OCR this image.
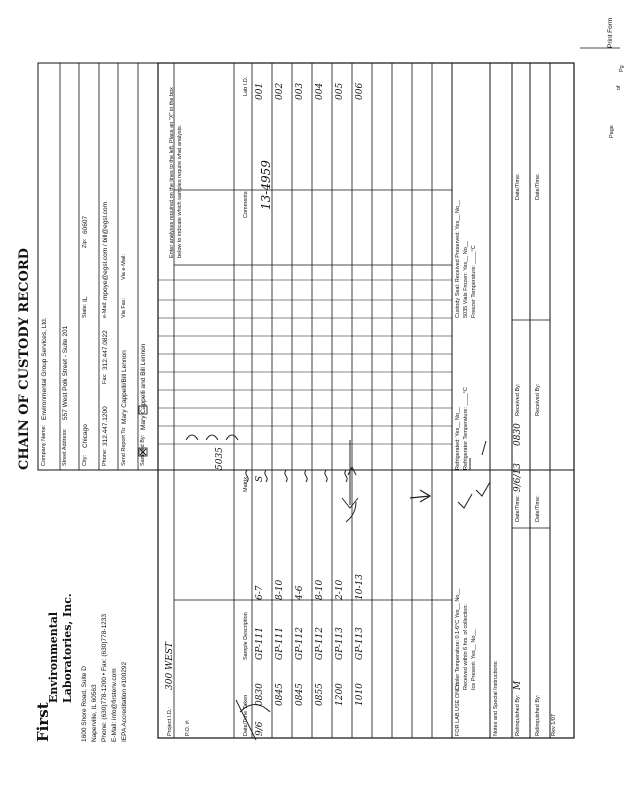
Page
of
Pg
Print Form
First
Environmental Laboratories, Inc.
1600 Shore Road, Suite D Naperville, IL 60563 Phone: (630)778-1200 • Fax: (630)778-1233 E-Mail: info@firstenv.com IEPA Accreditation #100292
CHAIN OF CUSTODY RECORD Company Name:
Environmental Group Services, Ltd.
Street Address:
557 West Polk Street - Suite 201
City:
Chicago
State:
IL
Zip:
60607
Phone:
312.447.1200
Fax:
312.447.0822
e-Mail:
mpoye@egsl.com / bill@egsl.com
Send Report To:
Mary Cappelli/Bill Lennon
Via Fax:
Via e-Mail:
Sampled By:
Mary Cappelli and Bill Lennon
Project I.D.:
300 WEST
P.O. #:
Enter analyses required on the lines to the left. Place an "X" in the box below to indicate which samples require what analysis.
5035
Date/Time Taken
Sample Description
Matrix
Comments
Lab I.D.
9/6
0830
GP-111
6-7
S
001
13-4959
0845
GP-111
8-10
002
0845
GP-112
4-6
003
0855
GP-112
8-10
004
1200
GP-113
2-10
005
1010
GP-113
10-13
006
FOR LAB USE ONLY:
Cooler Temperature: 0.1-6°C Yes__ No__ Received within 6 hrs. of collection: Ice Present: Yes__ No__
Refrigerated: Yes__ No__ Refrigerator Temperature: ____°C
Custody Seal: Received Preserved: Yes__ No__ 5035 Vials Frozen: Yes__ No__ Freezer Temperature: ____°C
Notes and Special Instructions:	Relinquished By:
M
Date/Time:
9/6/13
0830
Received By:
Date/Time:
Relinquished By:
Date/Time:
Received By:
Date/Time:
Rev 1/07
